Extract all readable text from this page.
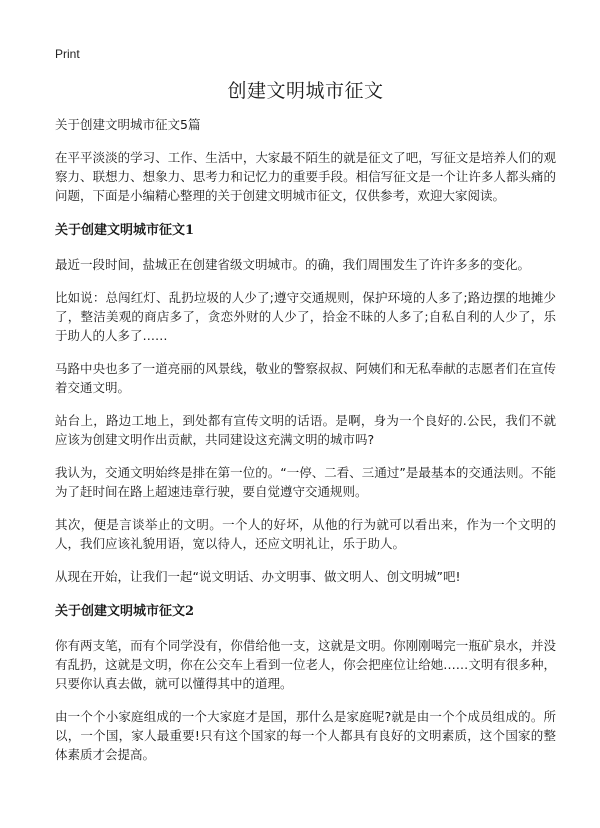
Print
创建文明城市征文

关于创建文明城市征文5篇

在平平淡淡的学习、工作、生活中，大家最不陌生的就是征文了吧，写征文是培养人们的观察力、联想力、想象力、思考力和记忆力的重要手段。相信写征文是一个让许多人都头痛的问题，下面是小编精心整理的关于创建文明城市征文，仅供参考，欢迎大家阅读。

关于创建文明城市征文1

最近一段时间，盐城正在创建省级文明城市。的确，我们周围发生了许许多多的变化。

比如说：总闯红灯、乱扔垃圾的人少了;遵守交通规则，保护环境的人多了;路边摆的地摊少了，整洁美观的商店多了，贪恋外财的人少了，拾金不昧的人多了;自私自利的人少了，乐于助人的人多了……

马路中央也多了一道亮丽的风景线，敬业的警察叔叔、阿姨们和无私奉献的志愿者们在宣传着交通文明。

站台上，路边工地上，到处都有宣传文明的话语。是啊，身为一个良好的.公民，我们不就应该为创建文明作出贡献，共同建设这充满文明的城市吗?

我认为，交通文明始终是排在第一位的。“一停、二看、三通过”是最基本的交通法则。不能为了赶时间在路上超速违章行驶，要自觉遵守交通规则。

其次，便是言谈举止的文明。一个人的好坏，从他的行为就可以看出来，作为一个文明的人，我们应该礼貌用语，宽以待人，还应文明礼让，乐于助人。

从现在开始，让我们一起“说文明话、办文明事、做文明人、创文明城”吧!

关于创建文明城市征文2

你有两支笔，而有个同学没有，你借给他一支，这就是文明。你刚刚喝完一瓶矿泉水，并没有乱扔，这就是文明，你在公交车上看到一位老人，你会把座位让给她……文明有很多种，只要你认真去做，就可以懂得其中的道理。

由一个个小家庭组成的一个大家庭才是国，那什么是家庭呢?就是由一个个成员组成的。所以，一个国，家人最重要!只有这个国家的每一个人都具有良好的文明素质，这个国家的整体素质才会提高。
